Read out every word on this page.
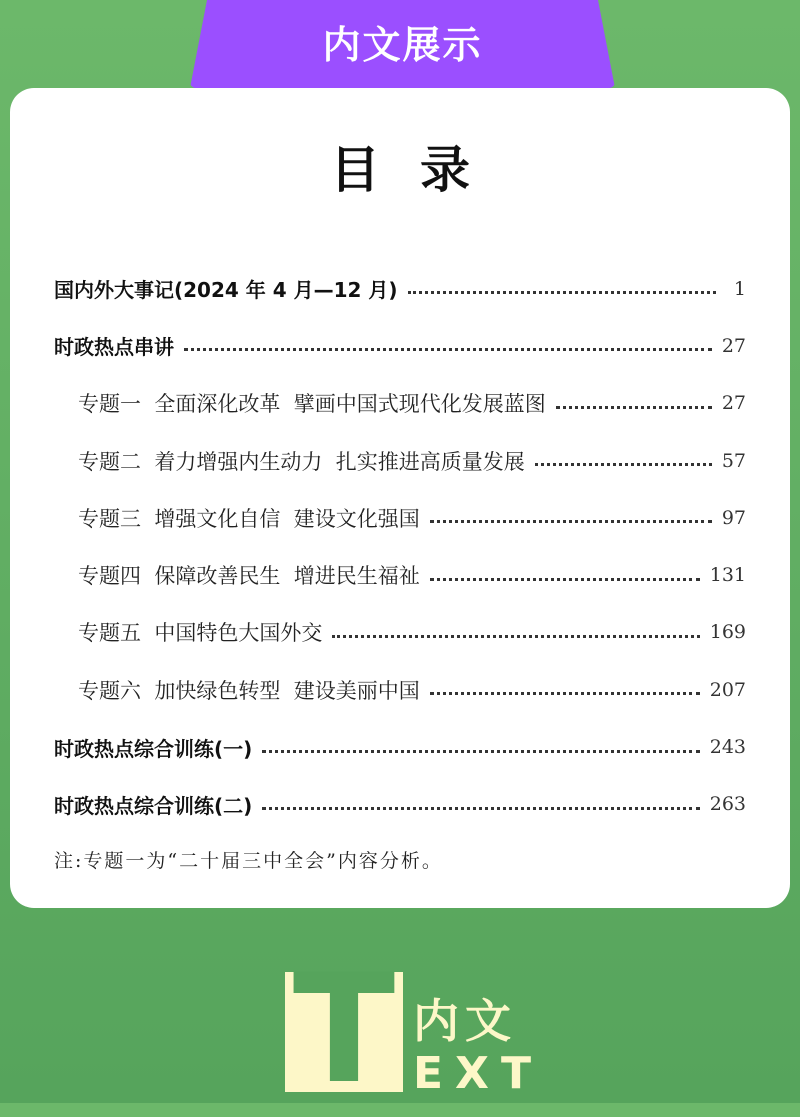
内文展示
目录
国内外大事记(2024 年 4 月—12 月)	1
时政热点串讲	27
专题一  全面深化改革  擘画中国式现代化发展蓝图	27
专题二  着力增强内生动力  扎实推进高质量发展	57
专题三  增强文化自信  建设文化强国	97
专题四  保障改善民生  增进民生福祉	131
专题五  中国特色大国外交	169
专题六  加快绿色转型  建设美丽中国	207
时政热点综合训练(一)	243
时政热点综合训练(二)	263
注:专题一为“二十届三中全会”内容分析。
T 内文
EXT
